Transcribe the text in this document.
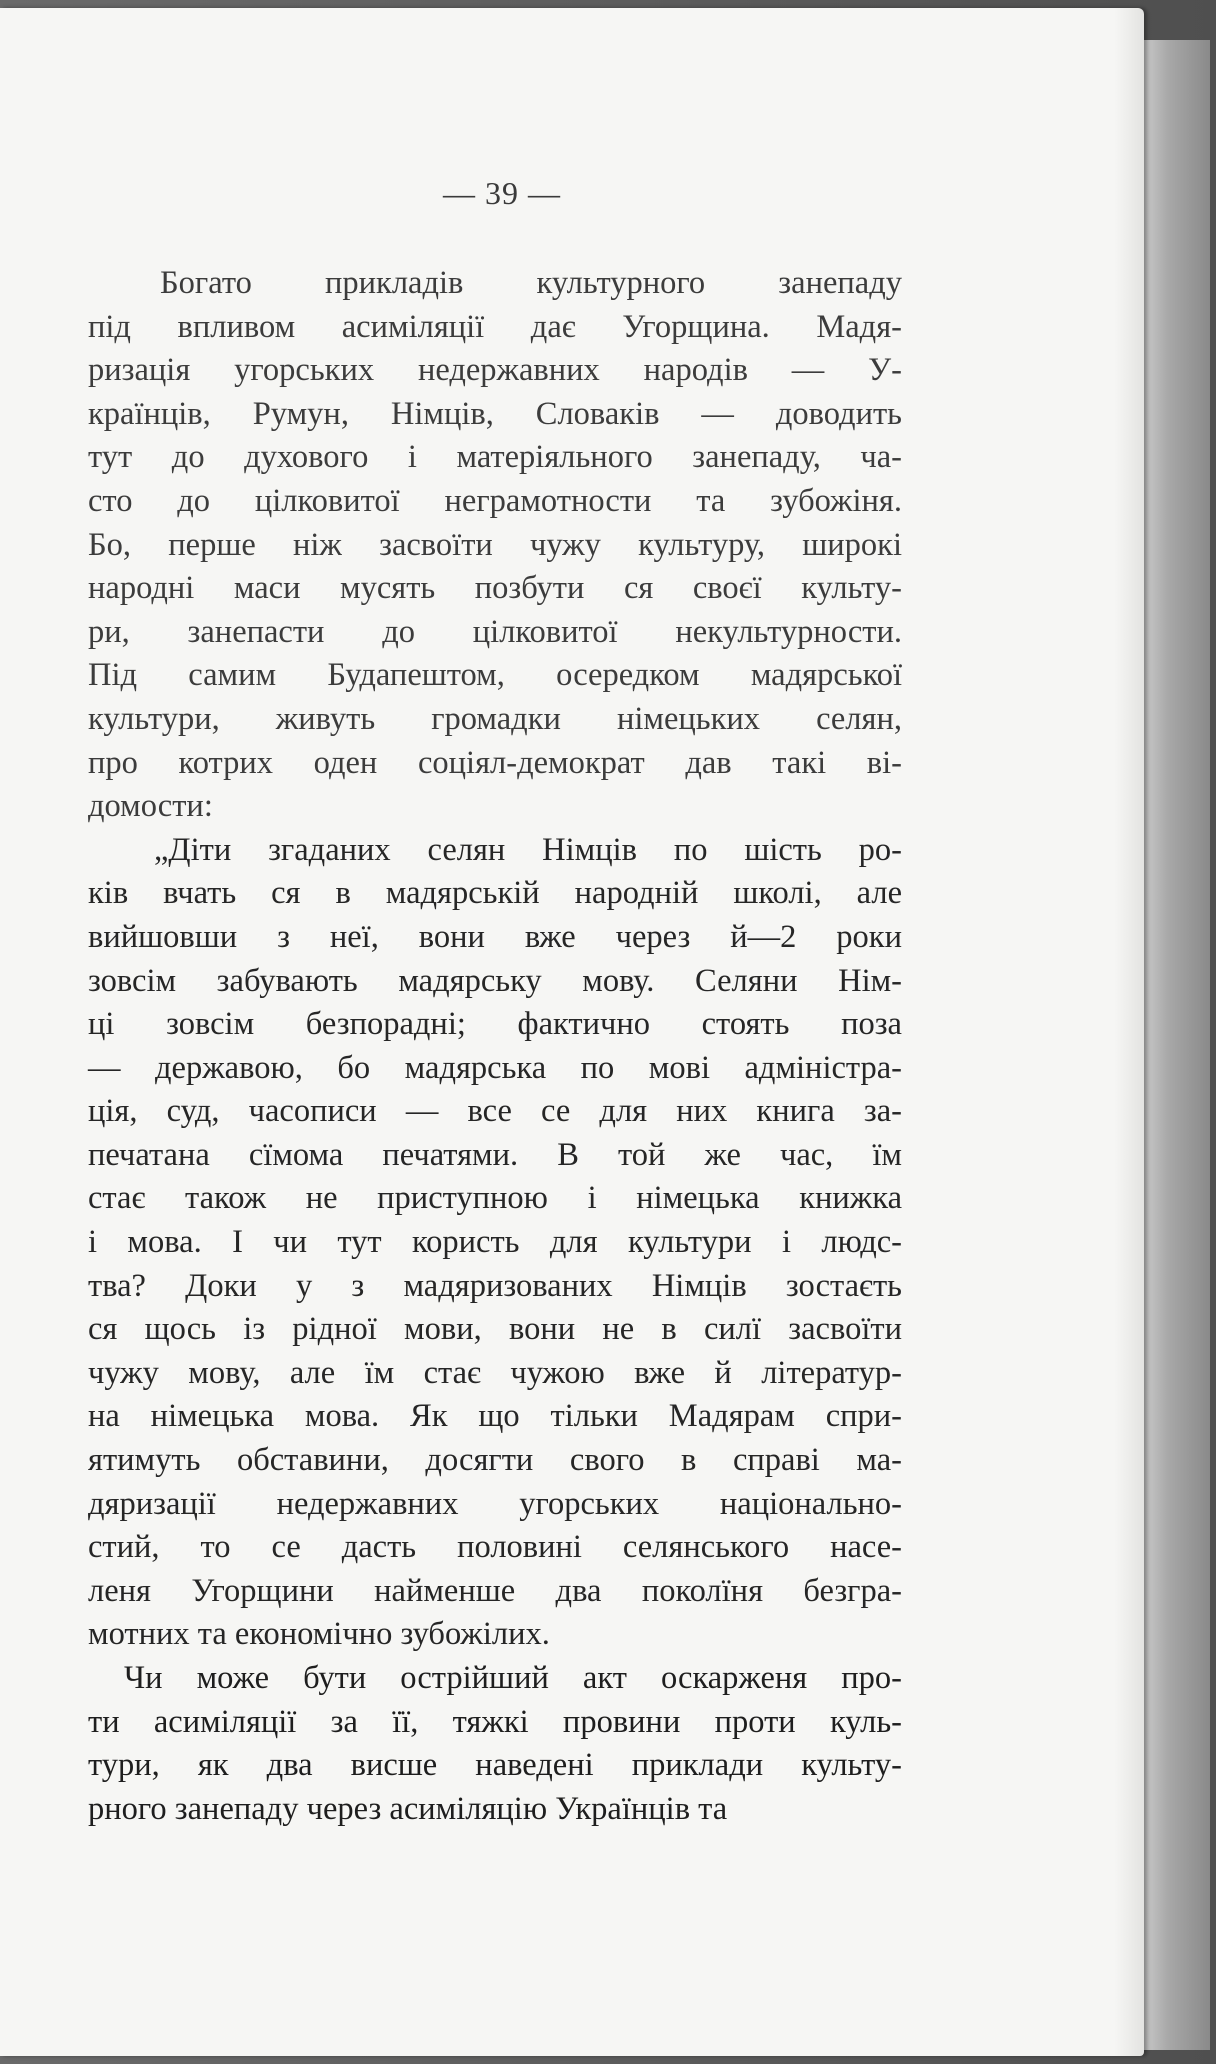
— 39 —
Богато прикладів культурного занепаду
під впливом асиміляції дає Угорщина. Мадя-
ризація угорських недержавних народів — У-
країнців, Румун, Німців, Словаків — доводить
тут до духового і матеріяльного занепаду, ча-
сто до цілковитої неграмотности та зубожіня.
Бо, перше ніж засвоїти чужу культуру, широкі
народні маси мусять позбути ся своєї культу-
ри, занепасти до цілковитої некультурности.
Під самим Будапештом, осередком мадярської
культури, живуть громадки німецьких селян,
про котрих оден соціял-демократ дав такі ві-
домости:
„Діти згаданих селян Німців по шість ро-
ків вчать ся в мадярській народній школі, але
вийшовши з неї, вони вже через й—2 роки
зовсім забувають мадярську мову. Селяни Нім-
ці зовсім безпорадні; фактично стоять поза
— державою, бо мадярська по мові адміністра-
ція, суд, часописи — все се для них книга за-
печатана сїмома печатями. В той же час, їм
стає також не приступною і німецька книжка
і мова. І чи тут користь для культури і людс-
тва? Доки у з мадяризованих Німців зостаєть
ся щось із рідної мови, вони не в силї засвоїти
чужу мову, але їм стає чужою вже й літератур-
на німецька мова. Як що тільки Мадярам спри-
ятимуть обставини, досягти свого в справі ма-
дяризації недержавних угорських національно-
стий, то се дасть половині селянського насе-
леня Угорщини найменше два поколїня безгра-
мотних та економічно зубожілих.
Чи може бути острійший акт оскарженя про-
ти асиміляції за її, тяжкі провини проти куль-
тури, як два висше наведені приклади культу-
рного занепаду через асиміляцію Українців та
